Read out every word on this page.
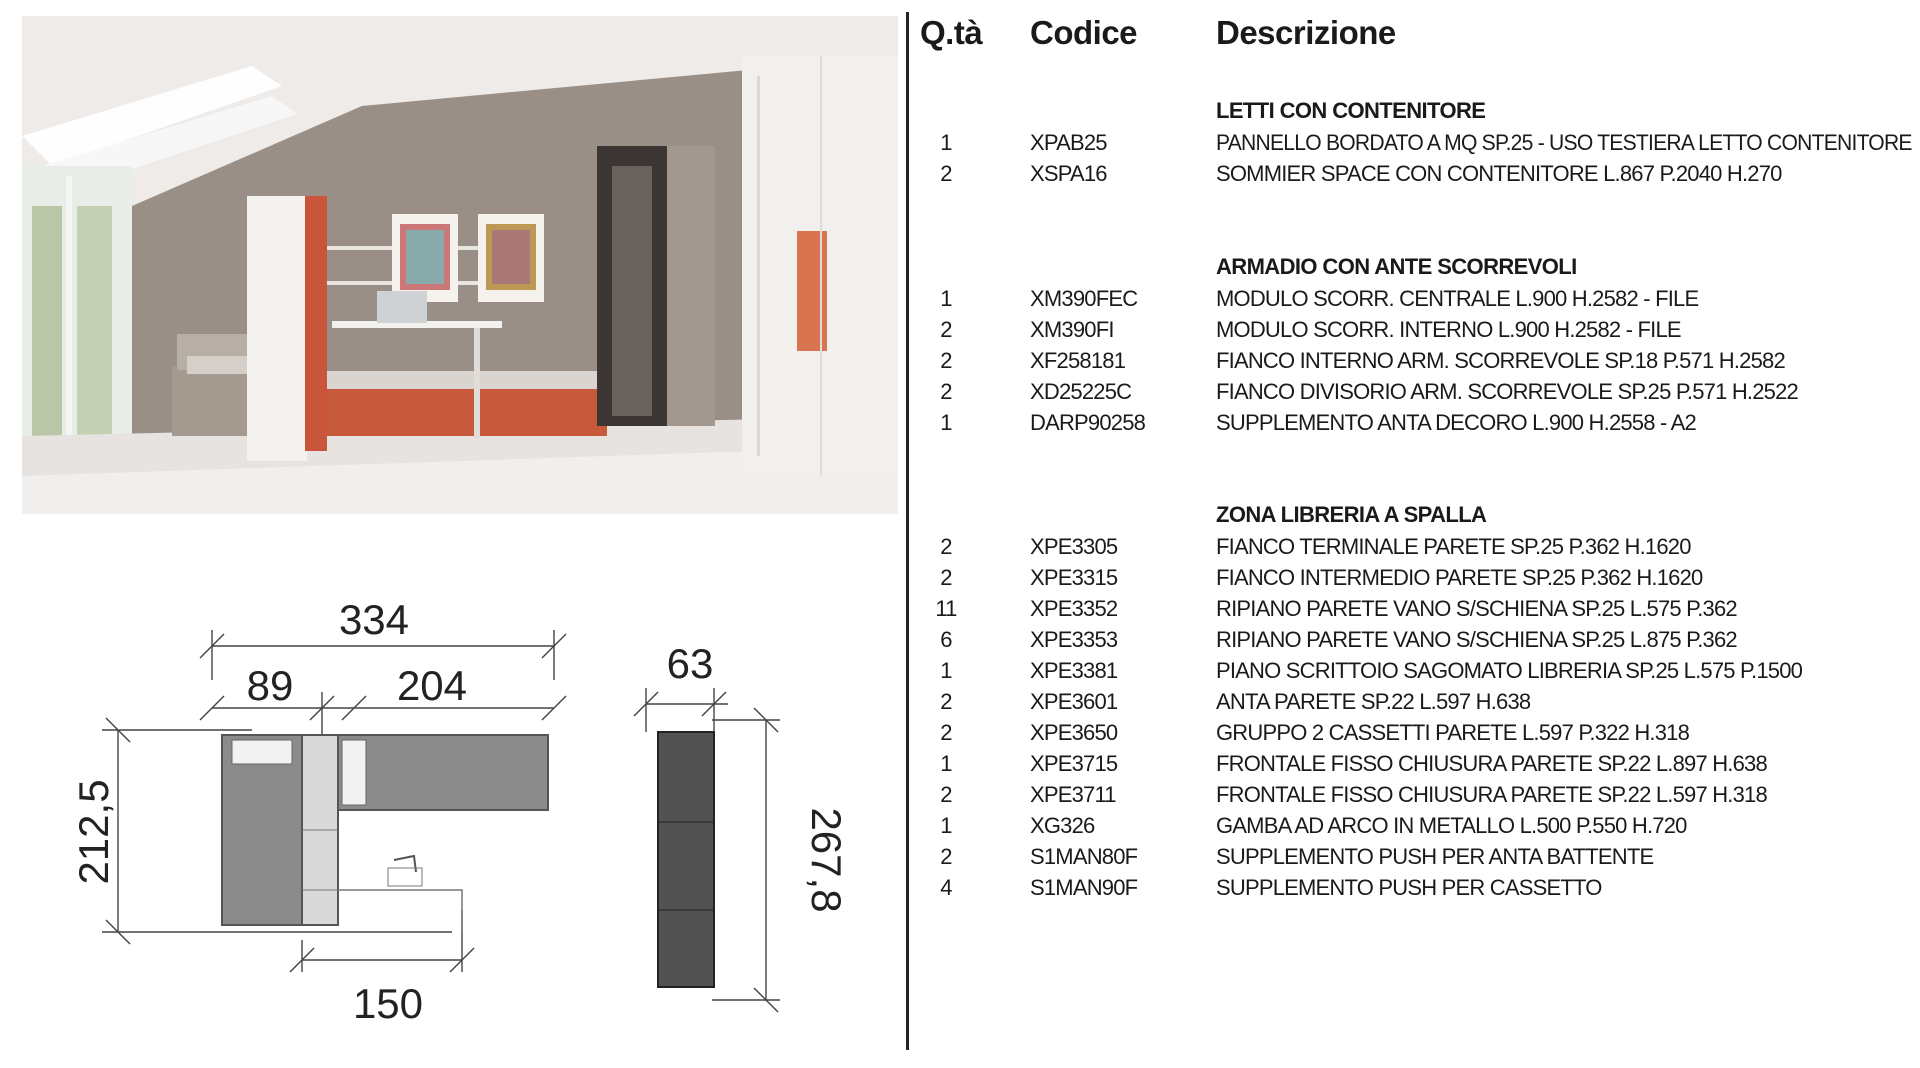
334
89 204
150
212,5
63
267,8
Q.tà Codice Descrizione
LETTI CON CONTENITORE
1	XPAB25	PANNELLO BORDATO A MQ SP.25 - USO TESTIERA LETTO CONTENITORE
2	XSPA16	SOMMIER SPACE CON CONTENITORE L.867 P.2040 H.270
ARMADIO CON ANTE SCORREVOLI
1	XM390FEC	MODULO SCORR. CENTRALE L.900 H.2582 - FILE
2	XM390FI	MODULO SCORR. INTERNO L.900 H.2582 - FILE
2	XF258181	FIANCO INTERNO ARM. SCORREVOLE SP.18 P.571 H.2582
2	XD25225C	FIANCO DIVISORIO ARM. SCORREVOLE SP.25 P.571 H.2522
1	DARP90258	SUPPLEMENTO ANTA DECORO L.900 H.2558 - A2
ZONA LIBRERIA A SPALLA
2	XPE3305	FIANCO TERMINALE PARETE SP.25 P.362 H.1620
2	XPE3315	FIANCO INTERMEDIO PARETE SP.25 P.362 H.1620
11	XPE3352	RIPIANO PARETE VANO S/SCHIENA SP.25 L.575 P.362
6	XPE3353	RIPIANO PARETE VANO S/SCHIENA SP.25 L.875 P.362
1	XPE3381	PIANO SCRITTOIO SAGOMATO LIBRERIA SP.25 L.575 P.1500
2	XPE3601	ANTA PARETE SP.22 L.597 H.638
2	XPE3650	GRUPPO 2 CASSETTI PARETE L.597 P.322 H.318
1	XPE3715	FRONTALE FISSO CHIUSURA PARETE SP.22 L.897 H.638
2	XPE3711	FRONTALE FISSO CHIUSURA PARETE SP.22 L.597 H.318
1	XG326	GAMBA AD ARCO IN METALLO L.500 P.550 H.720
2	S1MAN80F	SUPPLEMENTO PUSH PER ANTA BATTENTE
4	S1MAN90F	SUPPLEMENTO PUSH PER CASSETTO
